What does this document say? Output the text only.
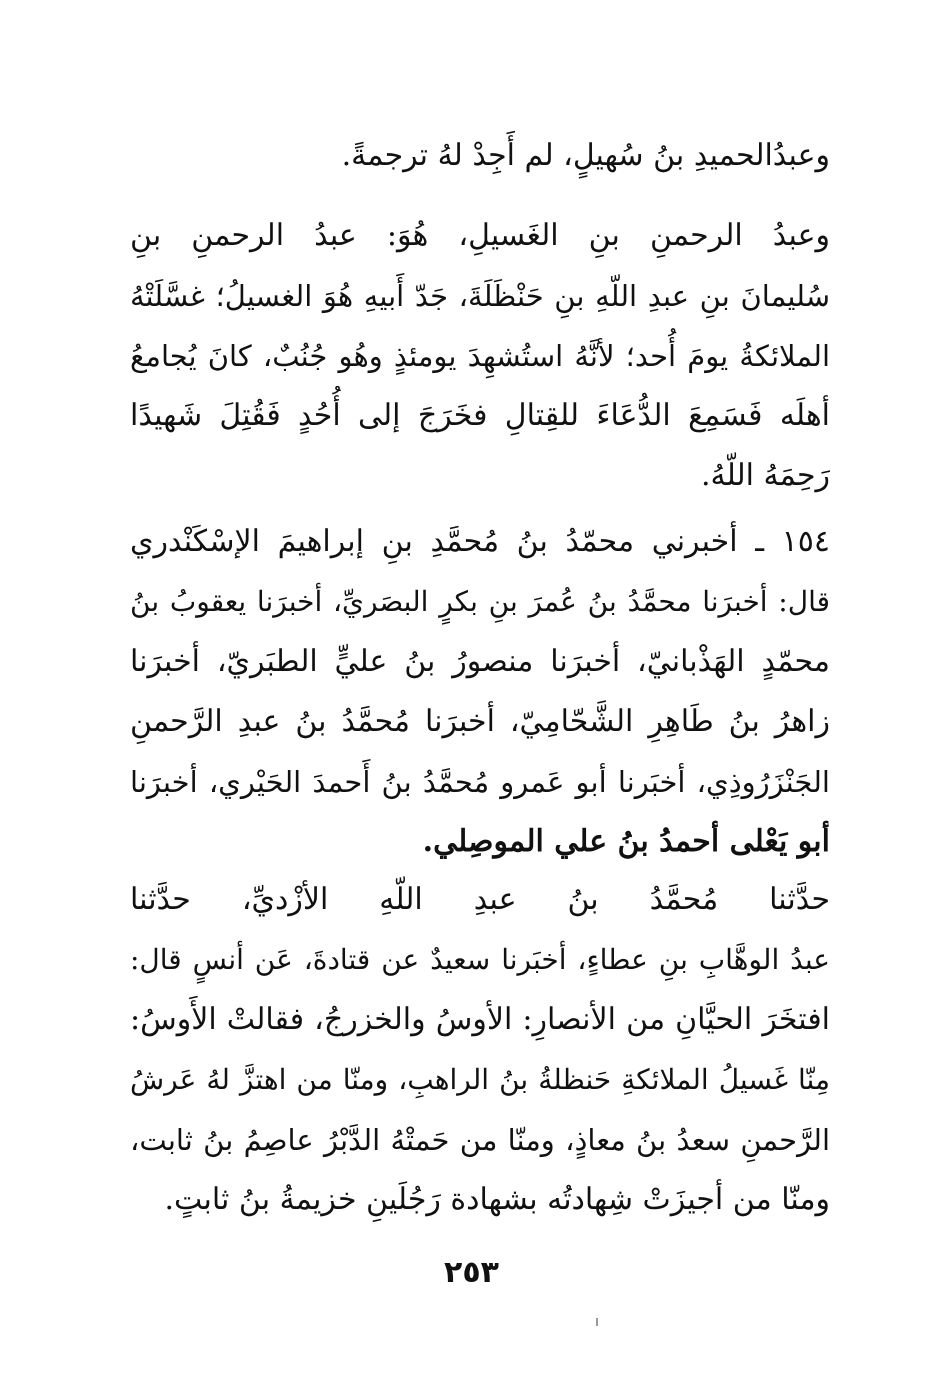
وعبدُالحميدِ بنُ سُهيلٍ، لم أَجِدْ لهُ ترجمةً.
وعبدُ الرحمنِ بنِ الغَسيلِ، هُوَ: عبدُ الرحمنِ بنِ
سُليمانَ بنِ عبدِ اللّهِ بنِ حَنْظَلَةَ، جَدّ أَبيهِ هُوَ الغسيلُ؛ غسَّلَتْهُ
الملائكةُ يومَ أُحد؛ لأنَّهُ استُشهِدَ يومئذٍ وهُو جُنُبٌ، كانَ يُجامعُ
أهلَه فَسَمِعَ الدُّعَاءَ للقِتالِ فخَرَجَ إلى أُحُدٍ فَقُتِلَ شَهيدًا
رَحِمَهُ اللّهُ.
١٥٤ ـ أخبرني محمّدُ بنُ مُحمَّدِ بنِ إبراهيمَ الإسْكَنْدري
قال: أخبرَنا محمَّدُ بنُ عُمرَ بنِ بكرٍ البصَريِّ، أخبرَنا يعقوبُ بنُ
محمّدٍ الهَذْبانيّ، أخبرَنا منصورُ بنُ عليٍّ الطبَريّ، أخبرَنا
زاهرُ بنُ طَاهِرِ الشَّحّامِيّ، أخبرَنا مُحمَّدُ بنُ عبدِ الرَّحمنِ
الجَنْزَرُوذِي، أخبَرنا أبو عَمرو مُحمَّدُ بنُ أَحمدَ الحَيْري، أخبرَنا
أبو يَعْلى أحمدُ بنُ علي الموصِلي.
حدَّثنا مُحمَّدُ بنُ عبدِ اللّهِ الأزْديِّ، حدَّثنا
عبدُ الوهَّابِ بنِ عطاءٍ، أخبَرنا سعيدٌ عن قتادةَ، عَن أنسٍ قال:
افتخَرَ الحيَّانِ من الأنصارِ: الأوسُ والخزرجُ، فقالتْ الأَوسُ:
مِنّا غَسيلُ الملائكةِ حَنظلةُ بنُ الراهبِ، ومنّا من اهتزَّ لهُ عَرشُ
الرَّحمنِ سعدُ بنُ معاذٍ، ومنّا من حَمتْهُ الدَّبْرُ عاصِمُ بنُ ثابت،
ومنّا من أجيزَتْ شِهادتُه بشهادة رَجُلَينِ خزيمةُ بنُ ثابتٍ.
٢٥٣
